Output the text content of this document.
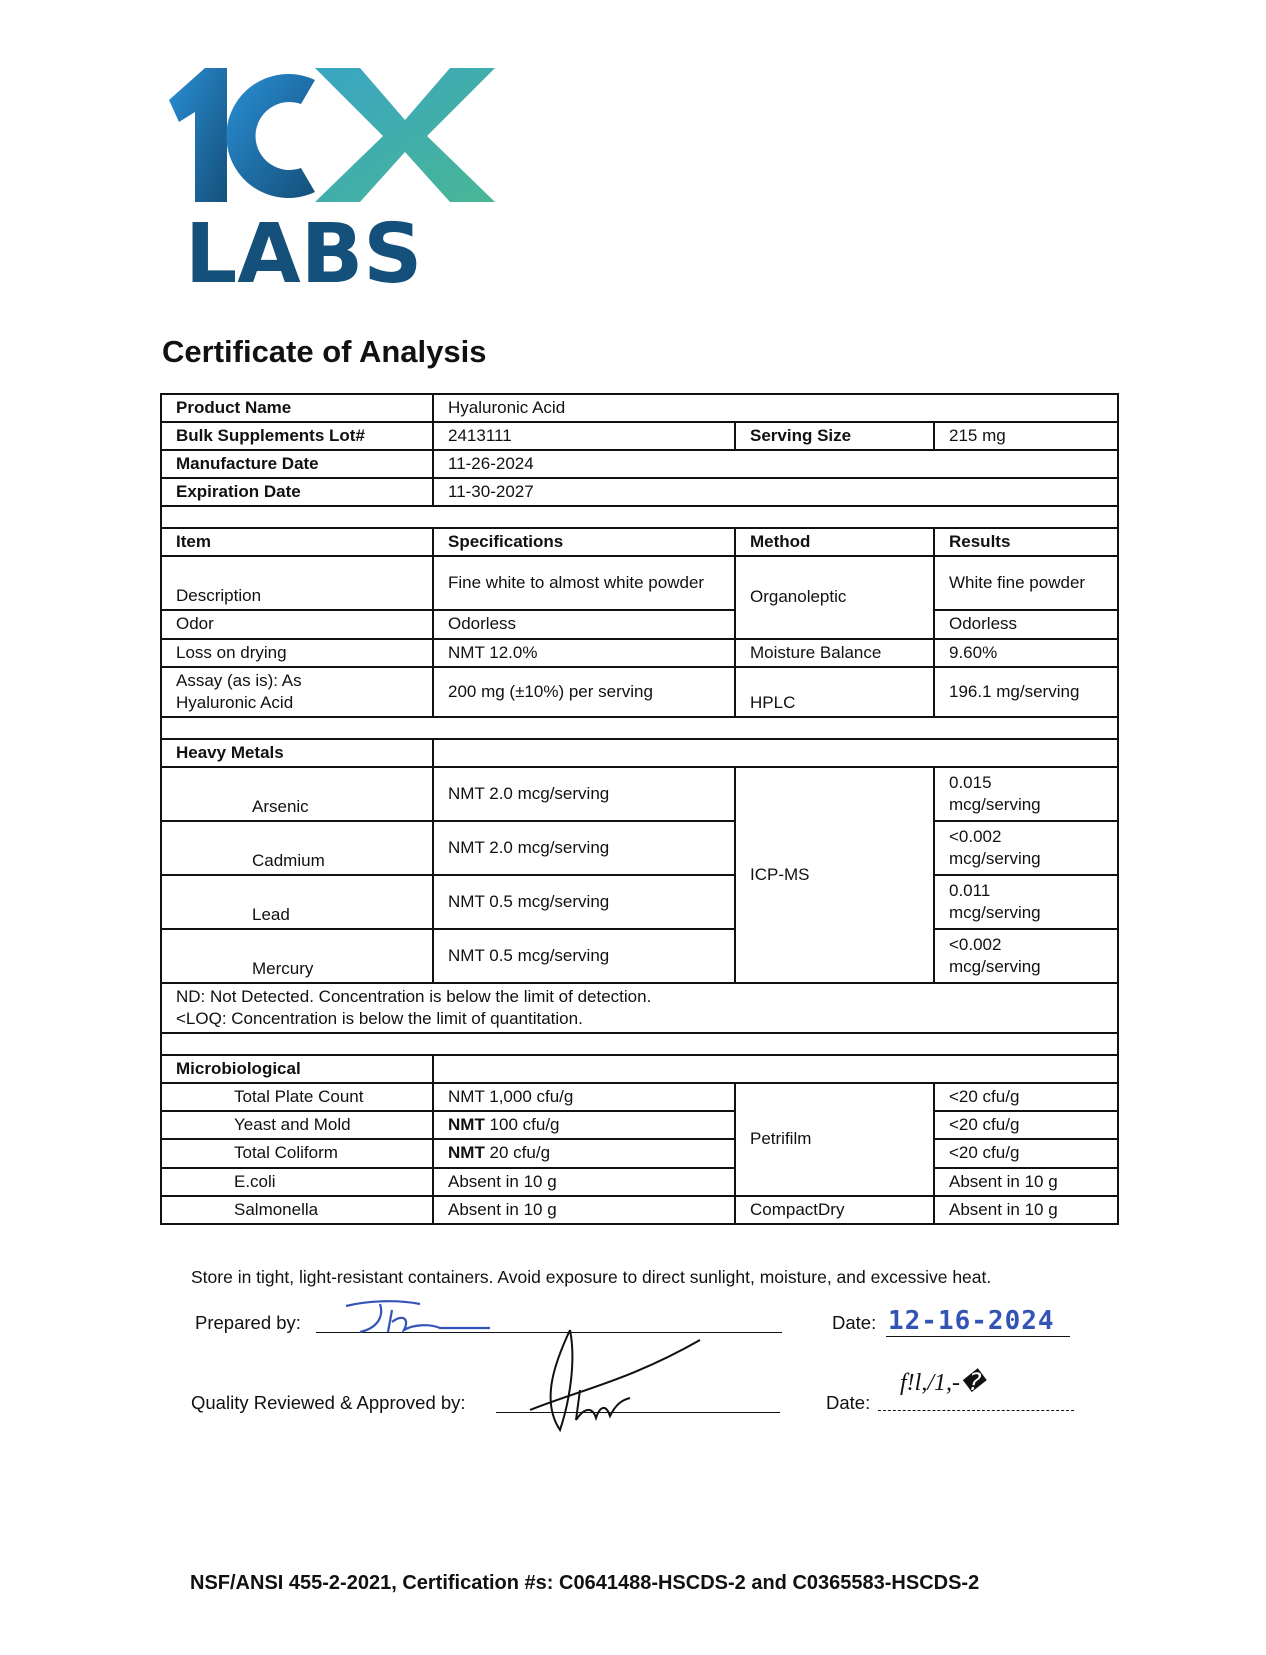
LABS
Certificate of Analysis
Product Name	Hyaluronic Acid		
Bulk Supplements Lot#	2413111	Serving Size	215 mg
Manufacture Date	11-26-2024		
Expiration Date	11-30-2027		

Item	Specifications	Method	Results
Description	Fine white to almost white powder	Organoleptic	White fine powder
Odor	Odorless		Odorless
Loss on drying	NMT 12.0%	Moisture Balance	9.60%

Assay (as is): As
Hyaluronic Acid	200 mg (±10%) per serving	HPLC	196.1 mg/serving

Heavy Metals			
Arsenic	NMT 2.0 mcg/serving	ICP-MS	0.015
mcg/serving

Cadmium	NMT 2.0 mcg/serving		<0.002
mcg/serving

Lead	NMT 0.5 mcg/serving		0.011
mcg/serving

Mercury	NMT 0.5 mcg/serving		<0.002
mcg/serving

ND: Not Detected. Concentration is below the limit of detection.
<LOQ: Concentration is below the limit of quantitation.			

Microbiological			
Total Plate Count	NMT 1,000 cfu/g	Petrifilm	<20 cfu/g
Yeast and Mold	NMT 100 cfu/g		<20 cfu/g
Total Coliform	NMT 20 cfu/g		<20 cfu/g
E.coli	Absent in 10 g		Absent in 10 g
Salmonella	Absent in 10 g	CompactDry	Absent in 10 g
Store in tight, light-resistant containers. Avoid exposure to direct sunlight, moisture, and excessive heat.
Prepared by:	Date: 12-16-2024
Quality Reviewed & Approved by:	Date:
f!l,/1,-�
NSF/ANSI 455-2-2021, Certification #s: C0641488-HSCDS-2 and C0365583-HSCDS-2
